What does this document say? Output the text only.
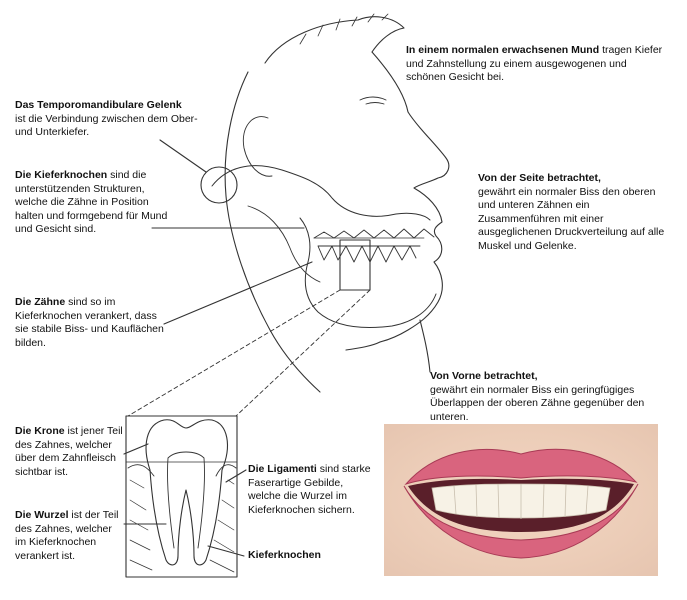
Das Temporomandibulare Gelenk
ist die Verbindung zwischen dem Ober- und Unterkiefer.
Die Kieferknochen sind die unterstützenden Strukturen, welche die Zähne in Position halten und formgebend für Mund und Gesicht sind.
Die Zähne sind so im Kieferknochen verankert, dass sie stabile Biss- und Kauflächen bilden.
Die Krone ist jener Teil des Zahnes, welcher über dem Zahnfleisch sichtbar ist.
Die Wurzel ist der Teil des Zahnes, welcher im Kieferknochen verankert ist.
Die Ligamenti sind starke Faserartige Gebilde, welche die Wurzel im Kieferknochen sichern.
Kieferknochen
In einem normalen erwachsenen Mund tragen Kiefer und Zahnstellung zu einem ausgewogenen und schönen Gesicht bei.
Von der Seite betrachtet,
gewährt ein normaler Biss den oberen und unteren Zähnen ein Zusammenführen mit einer ausgeglichenen Druckverteilung auf alle Muskel und Gelenke.
Von Vorne betrachtet,
gewährt ein normaler Biss ein geringfügiges Überlappen der oberen Zähne gegenüber den unteren.
